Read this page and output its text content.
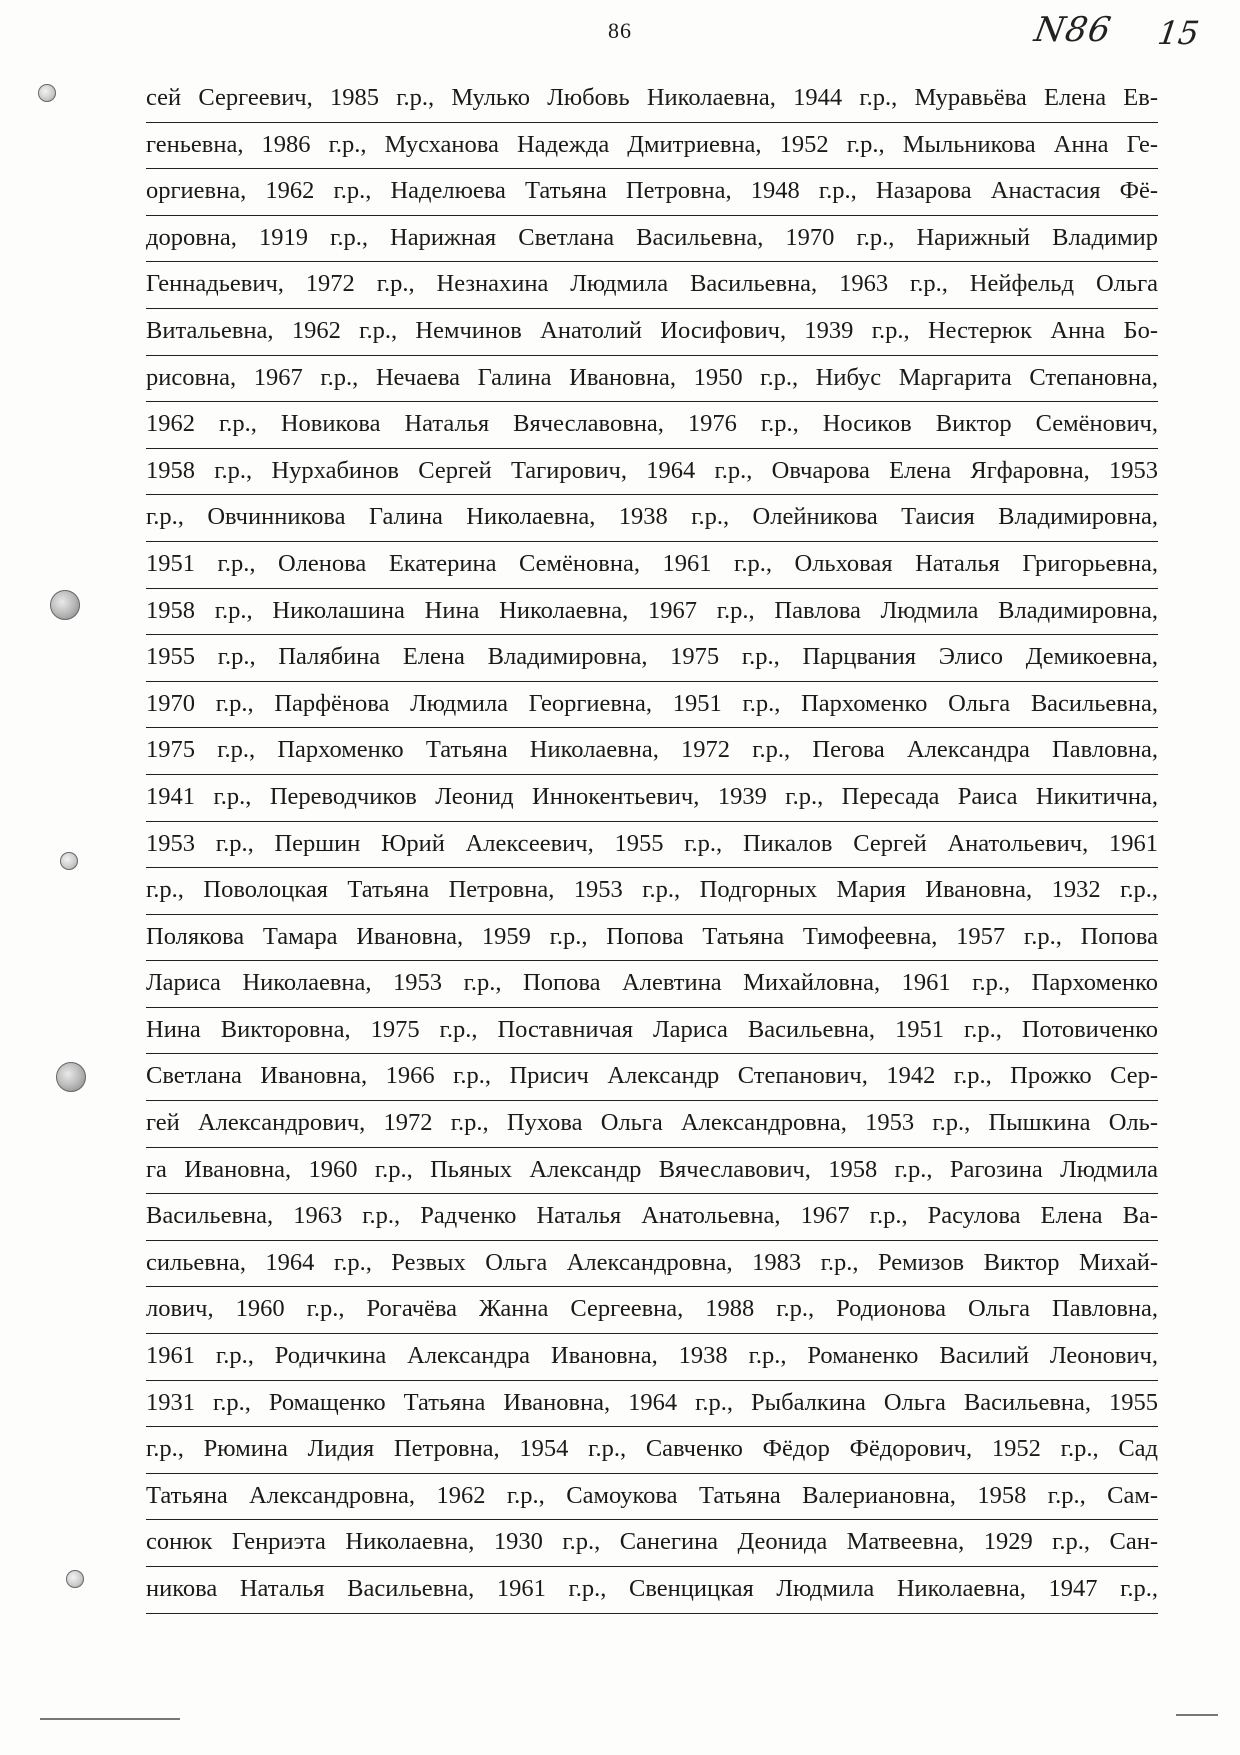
86	N86 15
сей Сергеевич, 1985 г.р., Мулько Любовь Николаевна, 1944 г.р., Муравьёва Елена Ев-
геньевна, 1986 г.р., Мусханова Надежда Дмитриевна, 1952 г.р., Мыльникова Анна Ге-
оргиевна, 1962 г.р., Наделюева Татьяна Петровна, 1948 г.р., Назарова Анастасия Фё-
доровна, 1919 г.р., Нарижная Светлана Васильевна, 1970 г.р., Нарижный Владимир
Геннадьевич, 1972 г.р., Незнахина Людмила Васильевна, 1963 г.р., Нейфельд Ольга
Витальевна, 1962 г.р., Немчинов Анатолий Иосифович, 1939 г.р., Нестерюк Анна Бо-
рисовна, 1967 г.р., Нечаева Галина Ивановна, 1950 г.р., Нибус Маргарита Степановна,
1962 г.р., Новикова Наталья Вячеславовна, 1976 г.р., Носиков Виктор Семёнович,
1958 г.р., Нурхабинов Сергей Тагирович, 1964 г.р., Овчарова Елена Ягфаровна, 1953
г.р., Овчинникова Галина Николаевна, 1938 г.р., Олейникова Таисия Владимировна,
1951 г.р., Оленова Екатерина Семёновна, 1961 г.р., Ольховая Наталья Григорьевна,
1958 г.р., Николашина Нина Николаевна, 1967 г.р., Павлова Людмила Владимировна,
1955 г.р., Палябина Елена Владимировна, 1975 г.р., Парцвания Элисо Демикоевна,
1970 г.р., Парфёнова Людмила Георгиевна, 1951 г.р., Пархоменко Ольга Васильевна,
1975 г.р., Пархоменко Татьяна Николаевна, 1972 г.р., Пегова Александра Павловна,
1941 г.р., Переводчиков Леонид Иннокентьевич, 1939 г.р., Пересада Раиса Никитична,
1953 г.р., Першин Юрий Алексеевич, 1955 г.р., Пикалов Сергей Анатольевич, 1961
г.р., Поволоцкая Татьяна Петровна, 1953 г.р., Подгорных Мария Ивановна, 1932 г.р.,
Полякова Тамара Ивановна, 1959 г.р., Попова Татьяна Тимофеевна, 1957 г.р., Попова
Лариса Николаевна, 1953 г.р., Попова Алевтина Михайловна, 1961 г.р., Пархоменко
Нина Викторовна, 1975 г.р., Поставничая Лариса Васильевна, 1951 г.р., Потовиченко
Светлана Ивановна, 1966 г.р., Присич Александр Степанович, 1942 г.р., Прожко Сер-
гей Александрович, 1972 г.р., Пухова Ольга Александровна, 1953 г.р., Пышкина Оль-
га Ивановна, 1960 г.р., Пьяных Александр Вячеславович, 1958 г.р., Рагозина Людмила
Васильевна, 1963 г.р., Радченко Наталья Анатольевна, 1967 г.р., Расулова Елена Ва-
сильевна, 1964 г.р., Резвых Ольга Александровна, 1983 г.р., Ремизов Виктор Михай-
лович, 1960 г.р., Рогачёва Жанна Сергеевна, 1988 г.р., Родионова Ольга Павловна,
1961 г.р., Родичкина Александра Ивановна, 1938 г.р., Романенко Василий Леонович,
1931 г.р., Ромащенко Татьяна Ивановна, 1964 г.р., Рыбалкина Ольга Васильевна, 1955
г.р., Рюмина Лидия Петровна, 1954 г.р., Савченко Фёдор Фёдорович, 1952 г.р., Сад
Татьяна Александровна, 1962 г.р., Самоукова Татьяна Валериановна, 1958 г.р., Сам-
сонюк Генриэта Николаевна, 1930 г.р., Санегина Деонида Матвеевна, 1929 г.р., Сан-
никова Наталья Васильевна, 1961 г.р., Свенцицкая Людмила Николаевна, 1947 г.р.,
